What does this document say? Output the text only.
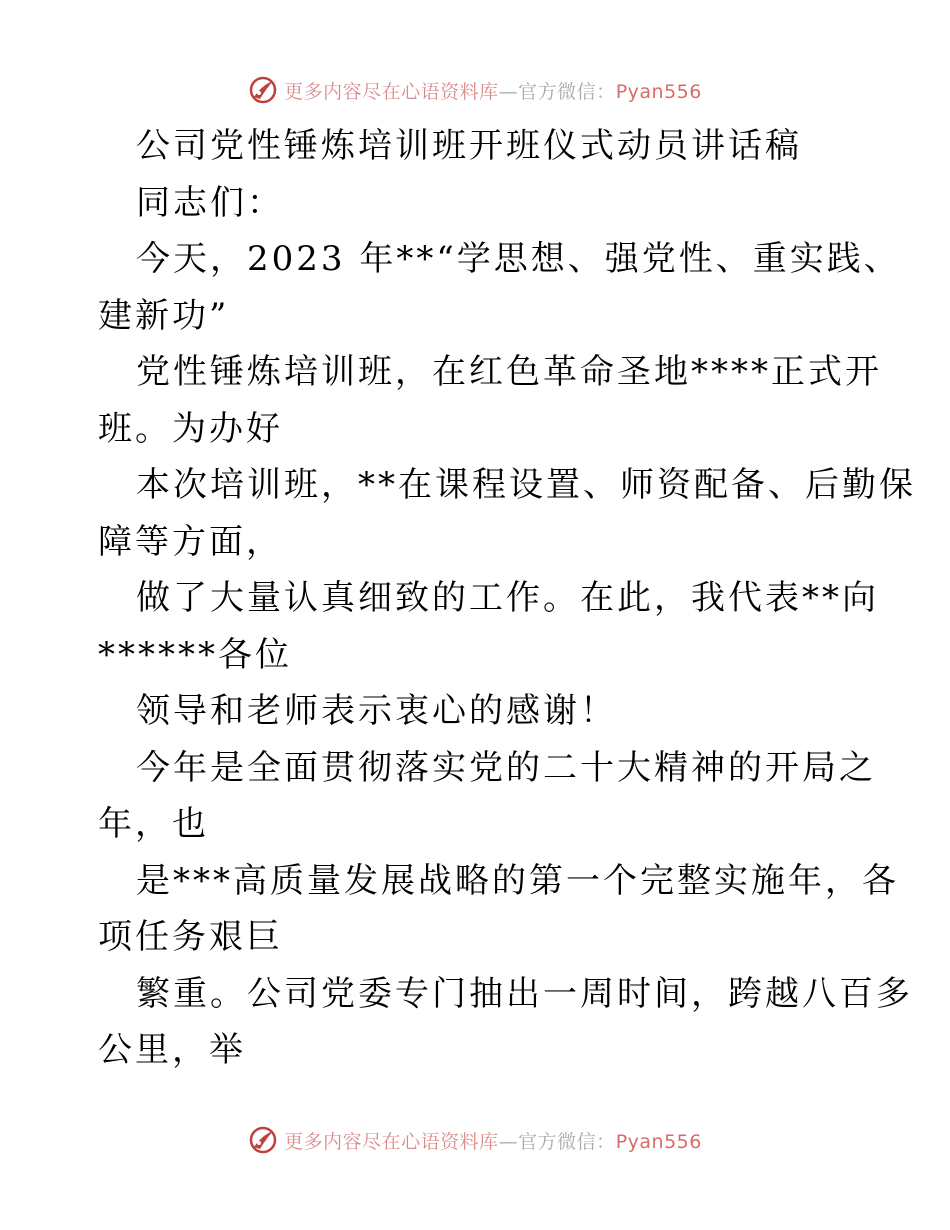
更多内容尽在心语资料库—官方微信：Pyan556
公司党性锤炼培训班开班仪式动员讲话稿
同志们：
今天，2023 年**“学思想、强党性、重实践、
建新功”
党性锤炼培训班，在红色革命圣地****正式开
班。为办好
本次培训班，**在课程设置、师资配备、后勤保
障等方面，
做了大量认真细致的工作。在此，我代表**向
******各位
领导和老师表示衷心的感谢！
今年是全面贯彻落实党的二十大精神的开局之
年，也
是***高质量发展战略的第一个完整实施年，各
项任务艰巨
繁重。公司党委专门抽出一周时间，跨越八百多
公里，举
更多内容尽在心语资料库—官方微信：Pyan556
